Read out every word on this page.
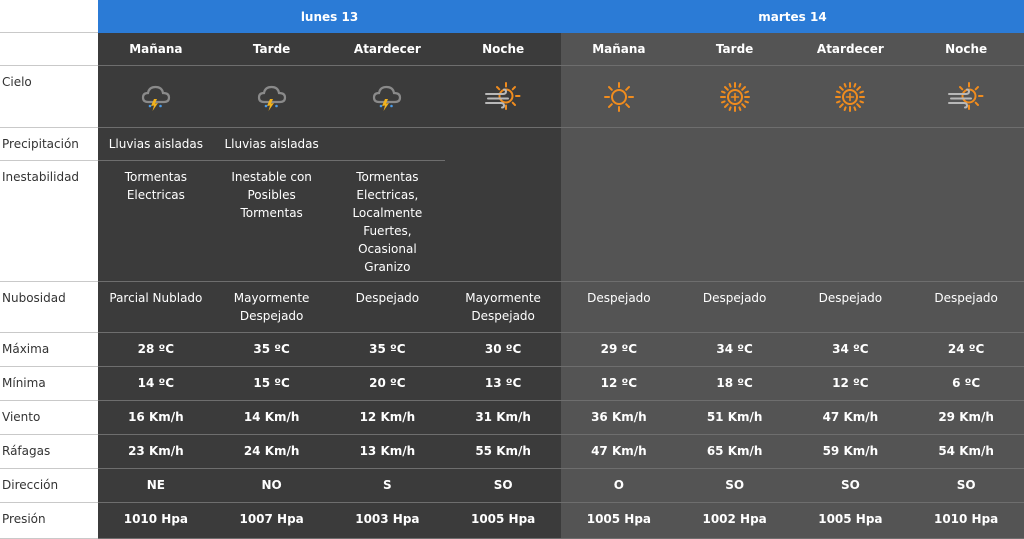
lunes 13	martes 14
Cielo
Precipitación
Inestabilidad
Nubosidad
Máxima
Mínima
Viento
Ráfagas
Dirección
Presión
Mañana
Lluvias aisladas
Tormentas Electricas
Parcial Nublado
28 ºC
14 ºC
16 Km/h
23 Km/h
NE
1010 Hpa
Tarde
Lluvias aisladas
Inestable con Posibles Tormentas
Mayormente Despejado
35 ºC
15 ºC
14 Km/h
24 Km/h
NO
1007 Hpa
Atardecer
Tormentas Electricas, Localmente Fuertes, Ocasional Granizo
Despejado
35 ºC
20 ºC
12 Km/h
13 Km/h
S
1003 Hpa
Noche
Mayormente Despejado
30 ºC
13 ºC
31 Km/h
55 Km/h
SO
1005 Hpa
Mañana
Despejado
29 ºC
12 ºC
36 Km/h
47 Km/h
O
1005 Hpa
Tarde
Despejado
34 ºC
18 ºC
51 Km/h
65 Km/h
SO
1002 Hpa
Atardecer
Despejado
34 ºC
12 ºC
47 Km/h
59 Km/h
SO
1005 Hpa
Noche
Despejado
24 ºC
6 ºC
29 Km/h
54 Km/h
SO
1010 Hpa
